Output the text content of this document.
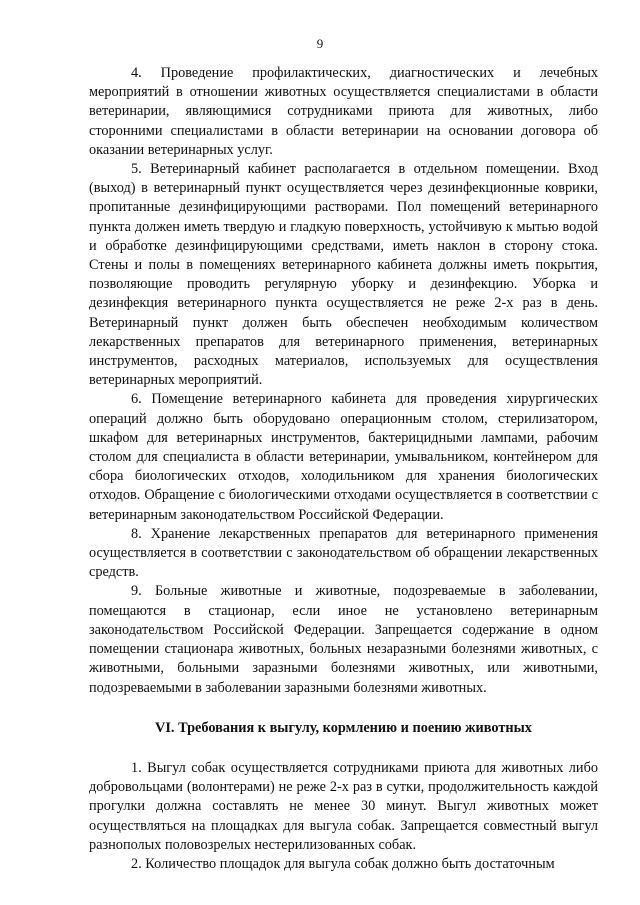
9

4. Проведение профилактических, диагностических и лечебных мероприятий в отношении животных осуществляется специалистами в области ветеринарии, являющимися сотрудниками приюта для животных, либо сторонними специалистами в области ветеринарии на основании договора об оказании ветеринарных услуг.

5. Ветеринарный кабинет располагается в отдельном помещении. Вход (выход) в ветеринарный пункт осуществляется через дезинфекционные коврики, пропитанные дезинфицирующими растворами. Пол помещений ветеринарного пункта должен иметь твердую и гладкую поверхность, устойчивую к мытью водой и обработке дезинфицирующими средствами, иметь наклон в сторону стока. Стены и полы в помещениях ветеринарного кабинета должны иметь покрытия, позволяющие проводить регулярную уборку и дезинфекцию. Уборка и дезинфекция ветеринарного пункта осуществляется не реже 2-х раз в день. Ветеринарный пункт должен быть обеспечен необходимым количеством лекарственных препаратов для ветеринарного применения, ветеринарных инструментов, расходных материалов, используемых для осуществления ветеринарных мероприятий.

6. Помещение ветеринарного кабинета для проведения хирургических операций должно быть оборудовано операционным столом, стерилизатором, шкафом для ветеринарных инструментов, бактерицидными лампами, рабочим столом для специалиста в области ветеринарии, умывальником, контейнером для сбора биологических отходов, холодильником для хранения биологических отходов. Обращение с биологическими отходами осуществляется в соответствии с ветеринарным законодательством Российской Федерации.

8. Хранение лекарственных препаратов для ветеринарного применения осуществляется в соответствии с законодательством об обращении лекарственных средств.

9. Больные животные и животные, подозреваемые в заболевании, помещаются в стационар, если иное не установлено ветеринарным законодательством Российской Федерации. Запрещается содержание в одном помещении стационара животных, больных незаразными болезнями животных, с животными, больными заразными болезнями животных, или животными, подозреваемыми в заболевании заразными болезнями животных.

VI. Требования к выгулу, кормлению и поению животных

1. Выгул собак осуществляется сотрудниками приюта для животных либо добровольцами (волонтерами) не реже 2-х раз в сутки, продолжительность каждой прогулки должна составлять не менее 30 минут. Выгул животных может осуществляться на площадках для выгула собак. Запрещается совместный выгул разнополых половозрелых нестерилизованных собак.

2. Количество площадок для выгула собак должно быть достаточным
